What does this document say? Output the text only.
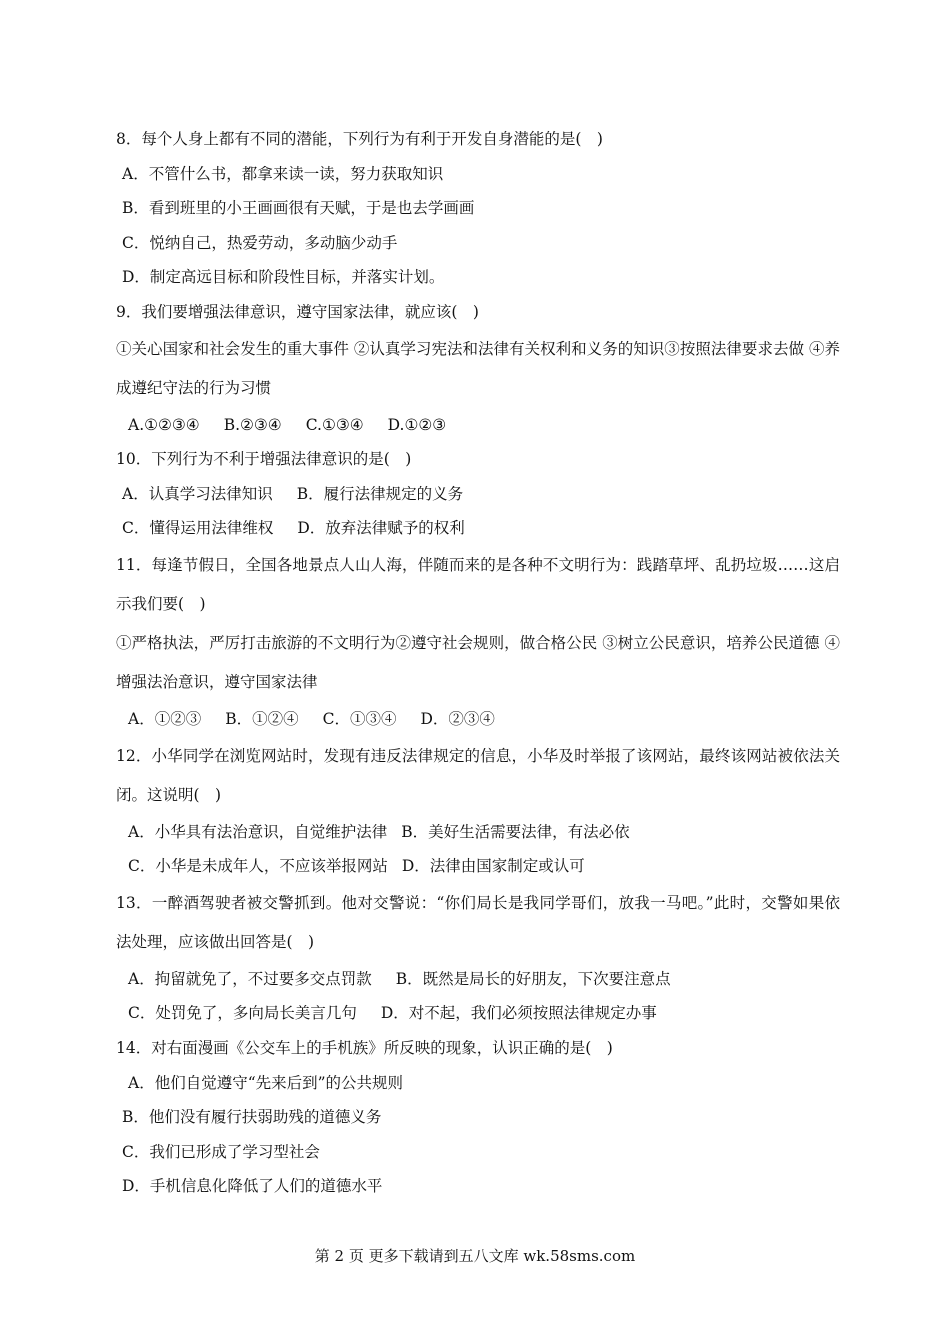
8．每个人身上都有不同的潜能，下列行为有利于开发自身潜能的是(　)
A．不管什么书，都拿来读一读，努力获取知识
B．看到班里的小王画画很有天赋，于是也去学画画
C．悦纳自己，热爱劳动，多动脑少动手
D．制定高远目标和阶段性目标，并落实计划。
9．我们要增强法律意识，遵守国家法律，就应该(　)
①关心国家和社会发生的重大事件 ②认真学习宪法和法律有关权利和义务的知识③按照法律要求去做 ④养成遵纪守法的行为习惯
A.①②③④ B.②③④ C.①③④ D.①②③
10．下列行为不利于增强法律意识的是(　)
A．认真学习法律知识 B．履行法律规定的义务
C．懂得运用法律维权 D．放弃法律赋予的权利
11．每逢节假日，全国各地景点人山人海，伴随而来的是各种不文明行为：践踏草坪、乱扔垃圾……这启示我们要(　)
①严格执法，严厉打击旅游的不文明行为②遵守社会规则，做合格公民 ③树立公民意识，培养公民道德 ④增强法治意识，遵守国家法律
A．①②③ B．①②④ C．①③④ D．②③④
12．小华同学在浏览网站时，发现有违反法律规定的信息，小华及时举报了该网站，最终该网站被依法关闭。这说明(　)
A．小华具有法治意识，自觉维护法律 B．美好生活需要法律，有法必依
C．小华是未成年人，不应该举报网站 D．法律由国家制定或认可
13．一醉酒驾驶者被交警抓到。他对交警说：“你们局长是我同学哥们，放我一马吧。”此时，交警如果依法处理，应该做出回答是(　)
A．拘留就免了，不过要多交点罚款 B．既然是局长的好朋友，下次要注意点
C．处罚免了，多向局长美言几句 D．对不起，我们必须按照法律规定办事
14．对右面漫画《公交车上的手机族》所反映的现象，认识正确的是(　)
A．他们自觉遵守“先来后到”的公共规则
B．他们没有履行扶弱助残的道德义务
C．我们已形成了学习型社会
D．手机信息化降低了人们的道德水平
第 2 页 更多下载请到五八文库 wk.58sms.com
